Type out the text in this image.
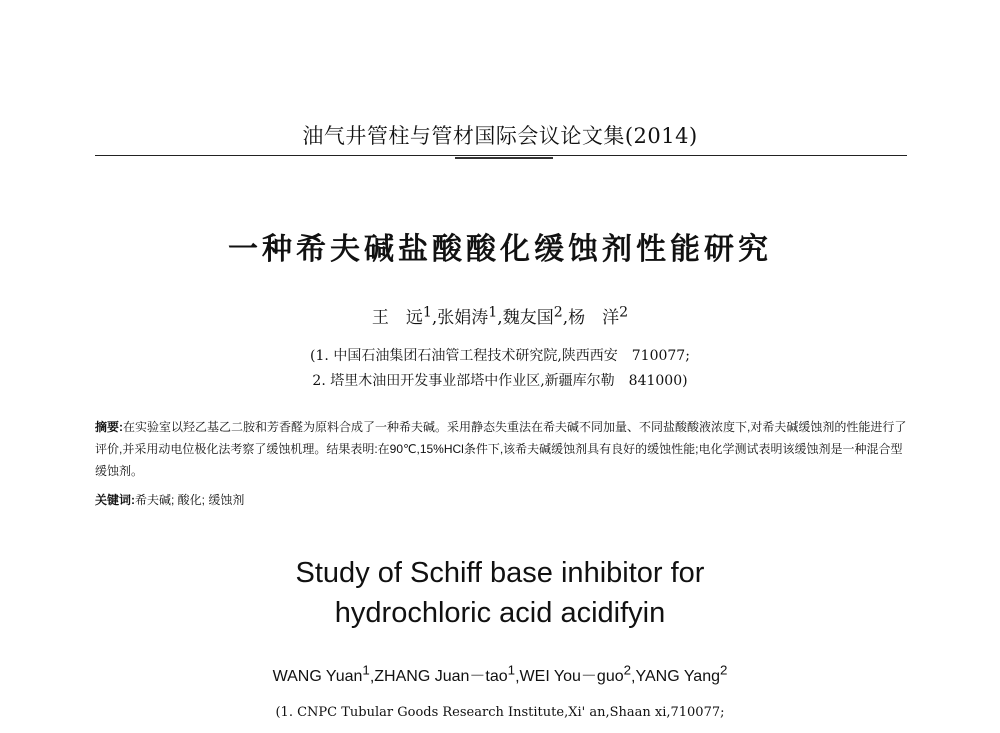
油气井管柱与管材国际会议论文集(2014)
一种希夫碱盐酸酸化缓蚀剂性能研究
王　远$^1$,张娟涛$^1$,魏友国$^2$,杨　洋$^2$
(1. 中国石油集团石油管工程技术研究院,陕西西安　710077;
2. 塔里木油田开发事业部塔中作业区,新疆库尔勒　841000)
摘要:在实验室以羟乙基乙二胺和芳香醛为原料合成了一种希夫碱。采用静态失重法在希夫碱不同加量、不同盐酸酸液浓度下,对希夫碱缓蚀剂的性能进行了评价,并采用动电位极化法考察了缓蚀机理。结果表明:在90℃,15%HCl条件下,该希夫碱缓蚀剂具有良好的缓蚀性能;电化学测试表明该缓蚀剂是一种混合型缓蚀剂。
关键词:希夫碱; 酸化; 缓蚀剂
Study of Schiff base inhibitor for
hydrochloric acid acidifyin
WANG Yuan$^1$,ZHANG Juan－tao$^1$,WEI You－guo$^2$,YANG Yang$^2$
(1. CNPC Tubular Goods Research Institute,Xi' an,Shaan xi,710077;
